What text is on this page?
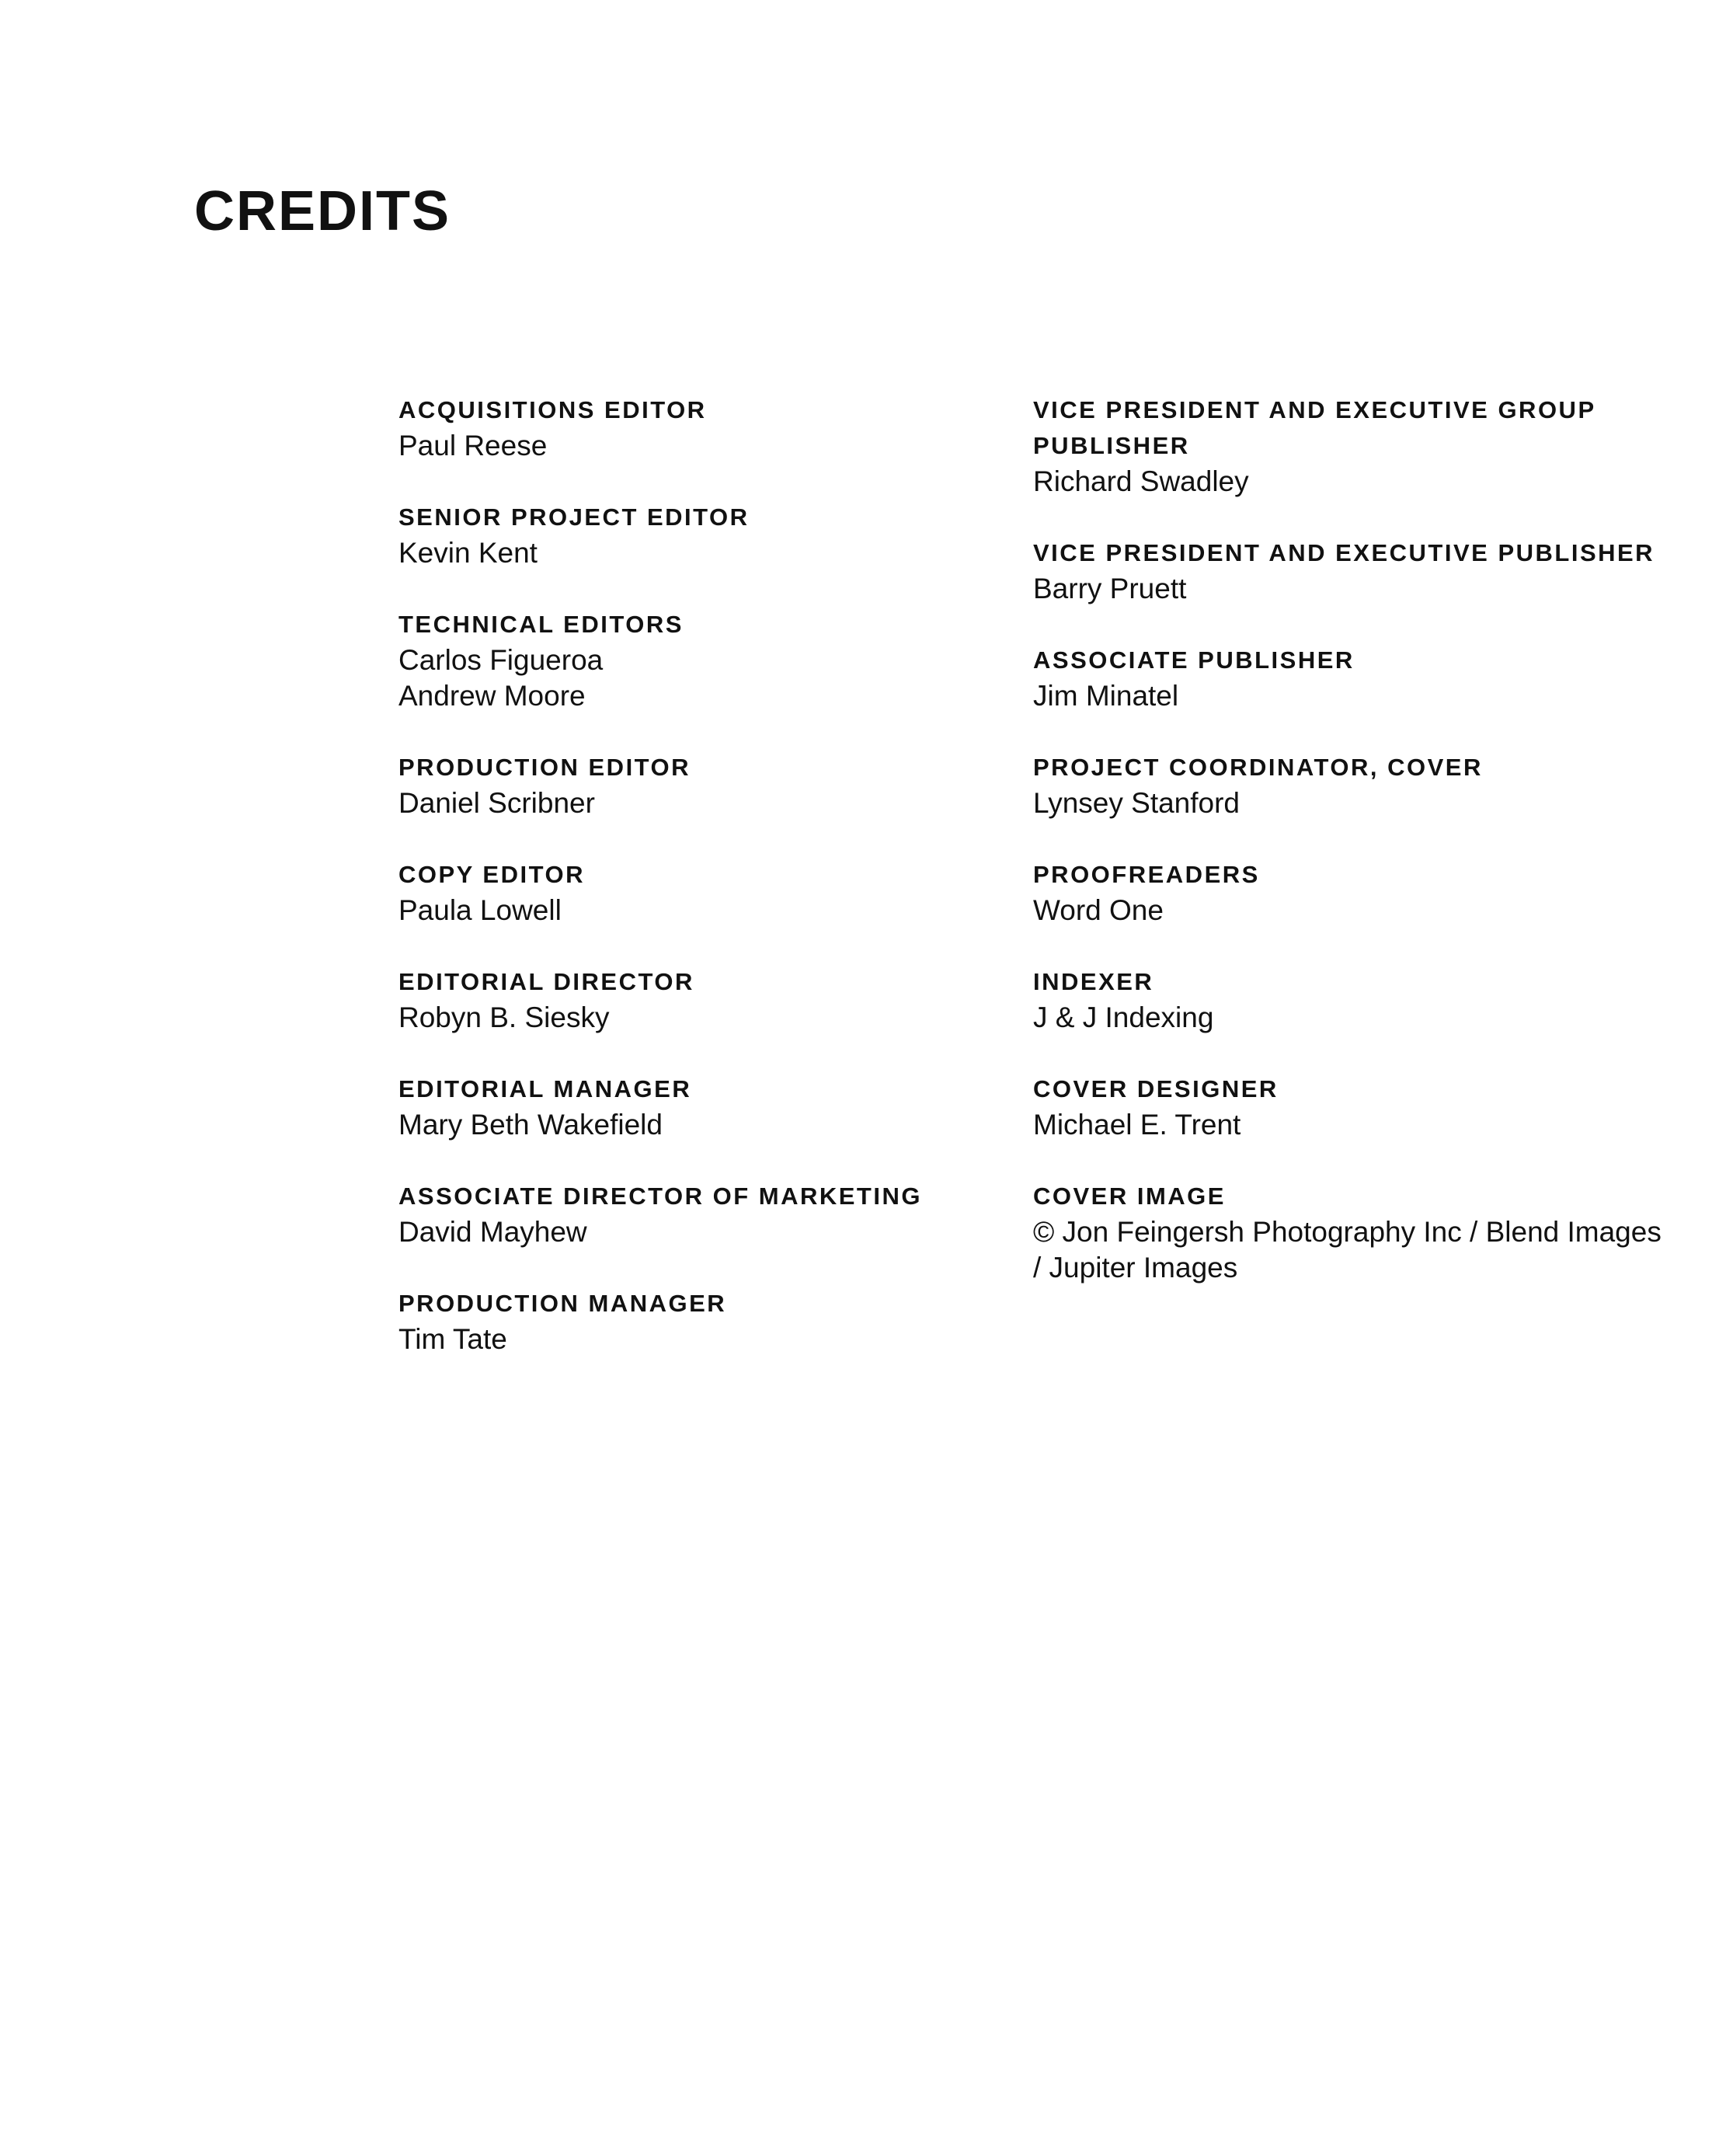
CREDITS
ACQUISITIONS EDITOR
Paul Reese
SENIOR PROJECT EDITOR
Kevin Kent
TECHNICAL EDITORS
Carlos Figueroa
Andrew Moore
PRODUCTION EDITOR
Daniel Scribner
COPY EDITOR
Paula Lowell
EDITORIAL DIRECTOR
Robyn B. Siesky
EDITORIAL MANAGER
Mary Beth Wakefield
ASSOCIATE DIRECTOR OF MARKETING
David Mayhew
PRODUCTION MANAGER
Tim Tate
VICE PRESIDENT AND EXECUTIVE GROUP PUBLISHER
Richard Swadley
VICE PRESIDENT AND EXECUTIVE PUBLISHER
Barry Pruett
ASSOCIATE PUBLISHER
Jim Minatel
PROJECT COORDINATOR, COVER
Lynsey Stanford
PROOFREADERS
Word One
INDEXER
J & J Indexing
COVER DESIGNER
Michael E. Trent
COVER IMAGE
© Jon Feingersh Photography Inc / Blend Images / Jupiter Images
